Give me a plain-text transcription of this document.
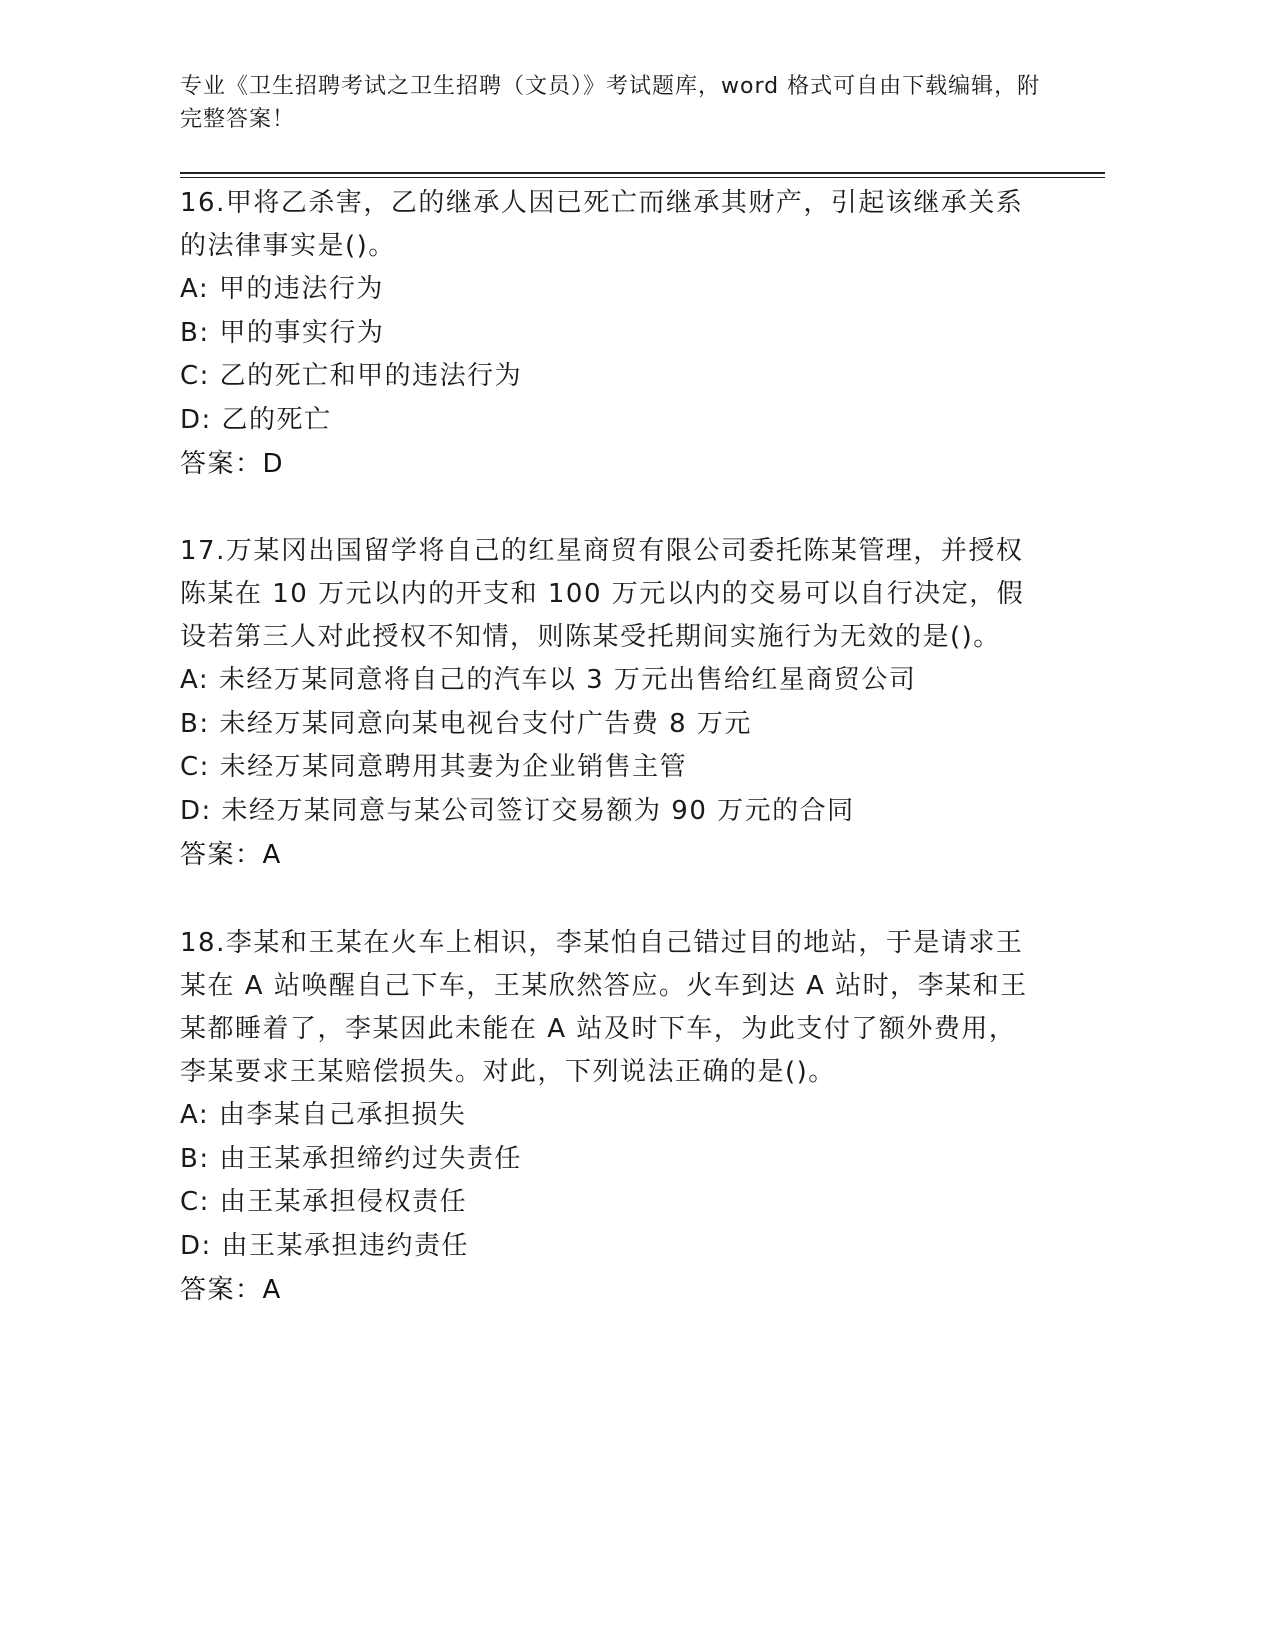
专业《卫生招聘考试之卫生招聘（文员）》考试题库，word 格式可自由下载编辑，附完整答案！

16.甲将乙杀害，乙的继承人因已死亡而继承其财产，引起该继承关系的法律事实是()。

A: 甲的违法行为

B: 甲的事实行为

C: 乙的死亡和甲的违法行为

D: 乙的死亡

答案：D

17.万某冈出国留学将自己的红星商贸有限公司委托陈某管理，并授权陈某在 10 万元以内的开支和 100 万元以内的交易可以自行决定，假设若第三人对此授权不知情，则陈某受托期间实施行为无效的是()。

A: 未经万某同意将自己的汽车以 3 万元出售给红星商贸公司

B: 未经万某同意向某电视台支付广告费 8 万元

C: 未经万某同意聘用其妻为企业销售主管

D: 未经万某同意与某公司签订交易额为 90 万元的合同

答案：A

18.李某和王某在火车上相识，李某怕自己错过目的地站，于是请求王某在 A 站唤醒自己下车，王某欣然答应。火车到达 A 站时，李某和王某都睡着了，李某因此未能在 A 站及时下车，为此支付了额外费用，李某要求王某赔偿损失。对此，下列说法正确的是()。

A: 由李某自己承担损失

B: 由王某承担缔约过失责任

C: 由王某承担侵权责任

D: 由王某承担违约责任

答案：A
